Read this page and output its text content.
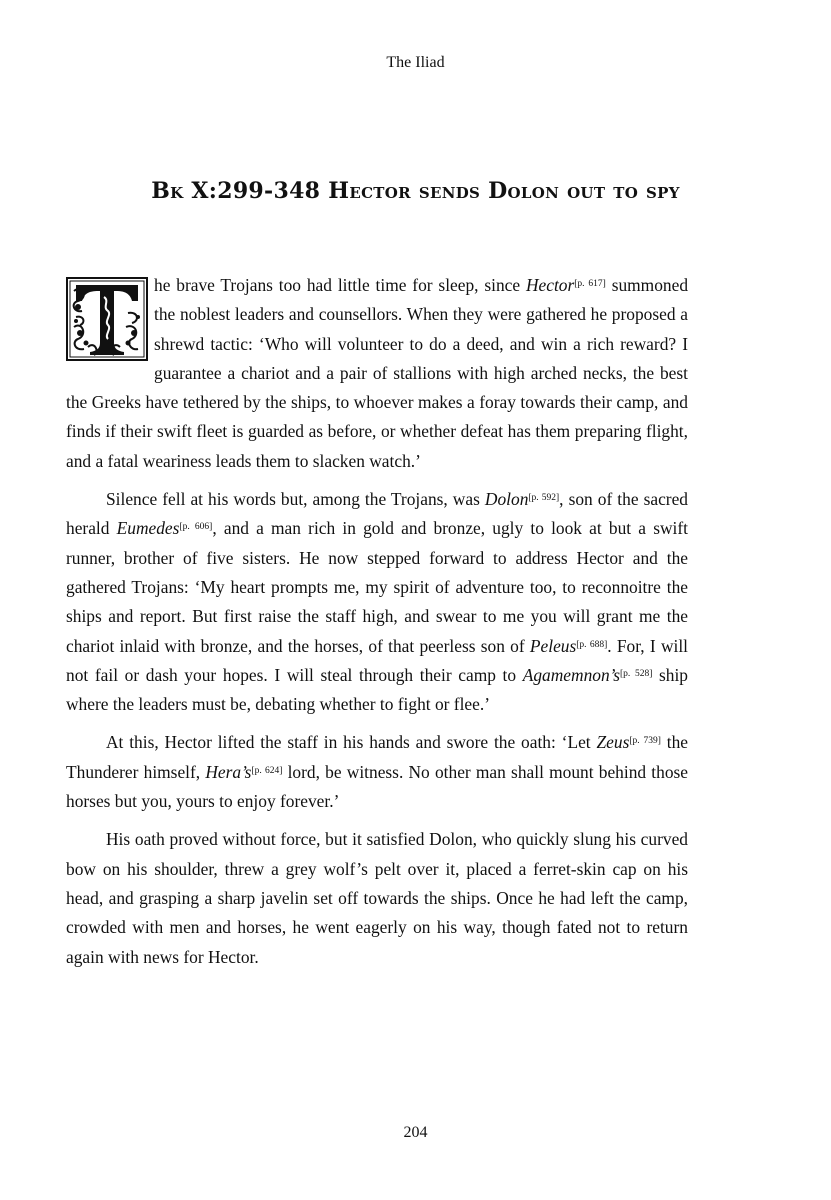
The Iliad
Bk X:299-348 Hector sends Dolon out to spy

he brave Trojans too had little time for sleep, since Hector[p. 617] summoned the noblest leaders and counsellors. When they were gathered he proposed a shrewd tactic: ‘Who will volunteer to do a deed, and win a rich reward? I guarantee a chariot and a pair of stallions with high arched necks, the best the Greeks have tethered by the ships, to whoever makes a foray towards their camp, and finds if their swift fleet is guarded as before, or whether defeat has them preparing flight, and a fatal weariness leads them to slacken watch.’

Silence fell at his words but, among the Trojans, was Dolon[p. 592], son of the sacred herald Eumedes[p. 606], and a man rich in gold and bronze, ugly to look at but a swift runner, brother of five sisters. He now stepped forward to address Hector and the gathered Trojans: ‘My heart prompts me, my spirit of adventure too, to reconnoitre the ships and report. But first raise the staff high, and swear to me you will grant me the chariot inlaid with bronze, and the horses, of that peerless son of Peleus[p. 688]. For, I will not fail or dash your hopes. I will steal through their camp to Agamemnon’s[p. 528] ship where the leaders must be, debating whether to fight or flee.’

At this, Hector lifted the staff in his hands and swore the oath: ‘Let Zeus[p. 739] the Thunderer himself, Hera’s[p. 624] lord, be witness. No other man shall mount behind those horses but you, yours to enjoy forever.’

His oath proved without force, but it satisfied Dolon, who quickly slung his curved bow on his shoulder, threw a grey wolf’s pelt over it, placed a ferret-skin cap on his head, and grasping a sharp javelin set off towards the ships. Once he had left the camp, crowded with men and horses, he went eagerly on his way, though fated not to return again with news for Hector.

204
